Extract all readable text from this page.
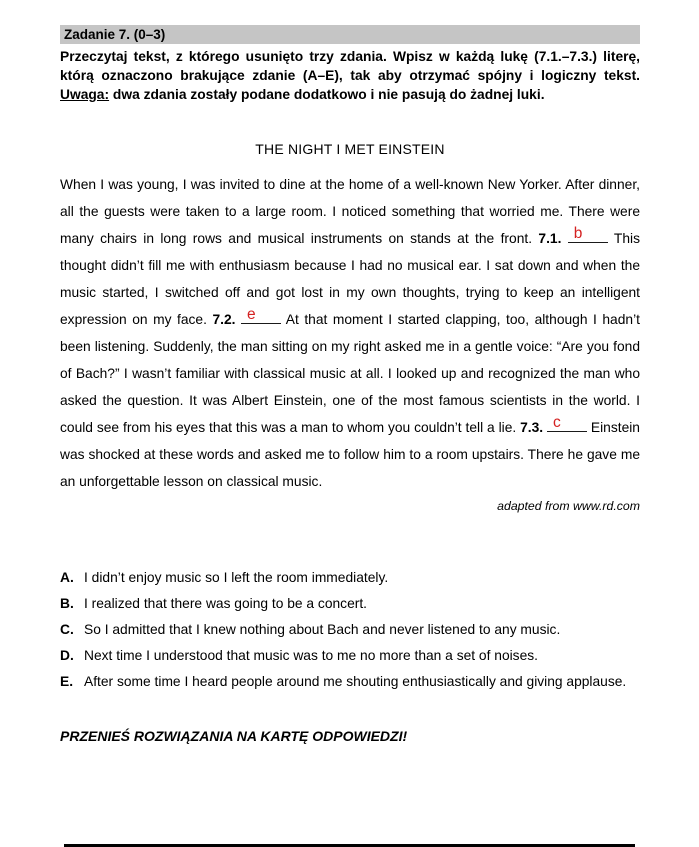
Zadanie 7. (0–3)

Przeczytaj tekst, z którego usunięto trzy zdania. Wpisz w każdą lukę (7.1.–7.3.) literę, którą oznaczono brakujące zdanie (A–E), tak aby otrzymać spójny i logiczny tekst. Uwaga: dwa zdania zostały podane dodatkowo i nie pasują do żadnej luki.

THE NIGHT I MET EINSTEIN

When I was young, I was invited to dine at the home of a well-known New Yorker. After dinner, all the guests were taken to a large room. I noticed something that worried me. There were many chairs in long rows and musical instruments on stands at the front. 7.1. b This thought didn’t fill me with enthusiasm because I had no musical ear. I sat down and when the music started, I switched off and got lost in my own thoughts, trying to keep an intelligent expression on my face. 7.2. e At that moment I started clapping, too, although I hadn’t been listening. Suddenly, the man sitting on my right asked me in a gentle voice: “Are you fond of Bach?” I wasn’t familiar with classical music at all. I looked up and recognized the man who asked the question. It was Albert Einstein, one of the most famous scientists in the world. I could see from his eyes that this was a man to whom you couldn’t tell a lie. 7.3. c Einstein was shocked at these words and asked me to follow him to a room upstairs. There he gave me an unforgettable lesson on classical music.

adapted from www.rd.com

A. I didn’t enjoy music so I left the room immediately.
B. I realized that there was going to be a concert.
C. So I admitted that I knew nothing about Bach and never listened to any music.
D. Next time I understood that music was to me no more than a set of noises.
E. After some time I heard people around me shouting enthusiastically and giving applause.

PRZENIEŚ ROZWIĄZANIA NA KARTĘ ODPOWIEDZI!
